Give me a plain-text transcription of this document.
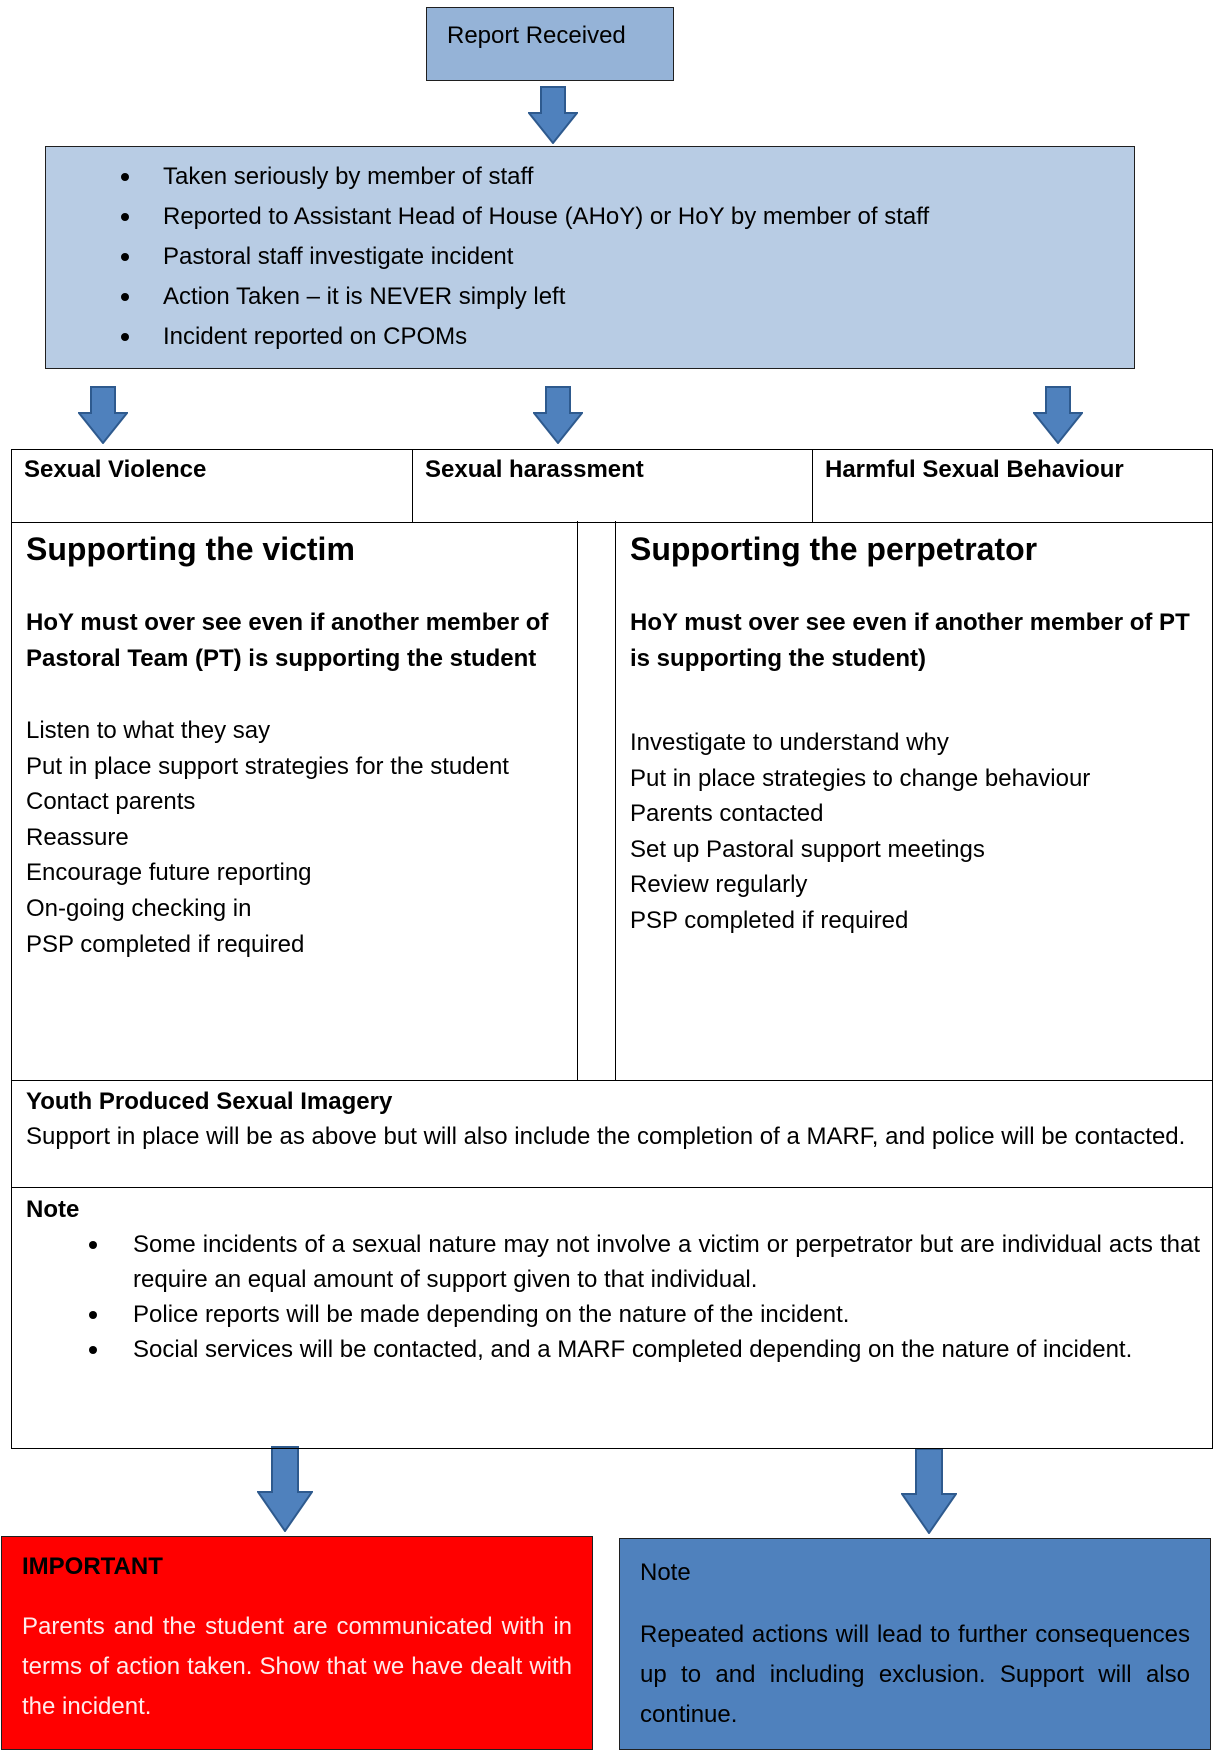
Report Received
Taken seriously by member of staff
Reported to Assistant Head of House (AHoY) or HoY by member of staff
Pastoral staff investigate incident
Action Taken – it is NEVER simply left
Incident reported on CPOMs
Sexual Violence	Sexual harassment	Harmful Sexual Behaviour
Supporting the victim
HoY must over see even if another member of Pastoral Team (PT) is supporting the student
Listen to what they say
Put in place support strategies for the student
Contact parents
Reassure
Encourage future reporting
On-going checking in
PSP completed if required
Supporting the perpetrator
HoY must over see even if another member of PT is supporting the student)
Investigate to understand why
Put in place strategies to change behaviour
Parents contacted
Set up Pastoral support meetings
Review regularly
PSP completed if required
Youth Produced Sexual Imagery
Support in place will be as above but will also include the completion of a MARF, and police will be contacted.
Note
Some incidents of a sexual nature may not involve a victim or perpetrator but are individual acts that require an equal amount of support given to that individual.
Police reports will be made depending on the nature of the incident.
Social services will be contacted, and a MARF completed depending on the nature of incident.
IMPORTANT
Parents and the student are communicated with in terms of action taken. Show that we have dealt with the incident.
Note
Repeated actions will lead to further consequences up to and including exclusion. Support will also continue.
